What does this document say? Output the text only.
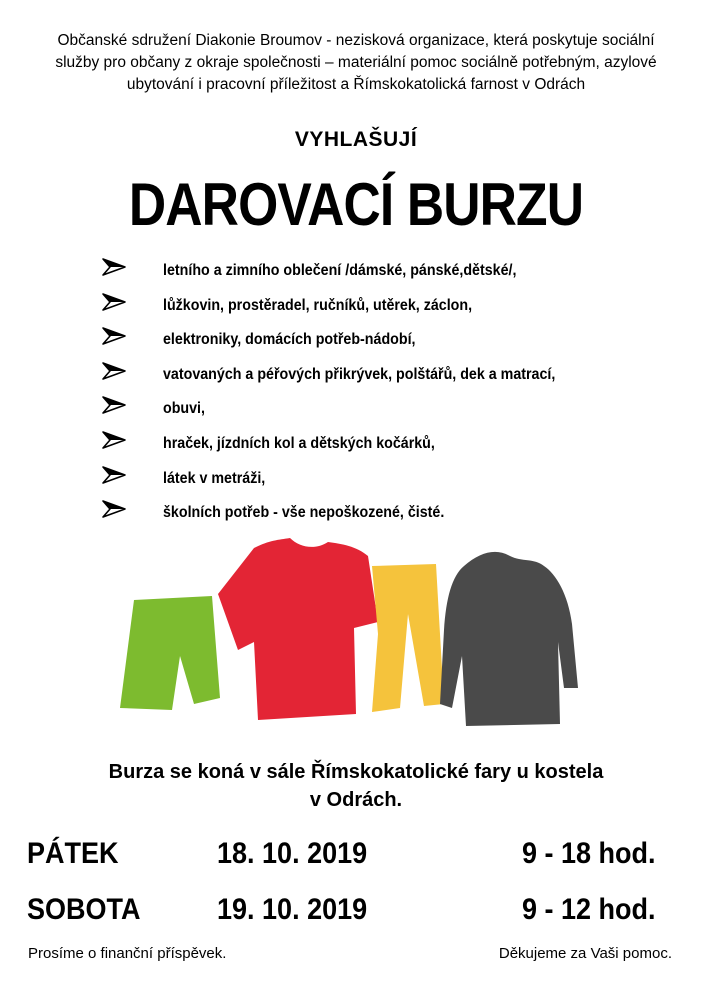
Občanské sdružení Diakonie Broumov - nezisková organizace, která poskytuje sociální
služby pro občany z okraje společnosti – materiální pomoc sociálně potřebným, azylové
ubytování i pracovní příležitost a Římskokatolická farnost v Odrách
VYHLAŠUJÍ
DAROVACÍ BURZU
letního a zimního oblečení /dámské, pánské,dětské/,
lůžkovin, prostěradel, ručníků, utěrek, záclon,
elektroniky, domácích potřeb-nádobí,
vatovaných a péřových přikrývek, polštářů, dek a matrací,
obuvi,
hraček, jízdních kol a dětských kočárků,
látek v metráži,
školních potřeb - vše nepoškozené, čisté.
Burza se koná v sále Římskokatolické fary u kostela
v Odrách.
PÁTEK	18. 10. 2019	9 - 18 hod.
SOBOTA	19. 10. 2019	9 - 12 hod.
Prosíme o finanční příspěvek.	Děkujeme za Vaši pomoc.
